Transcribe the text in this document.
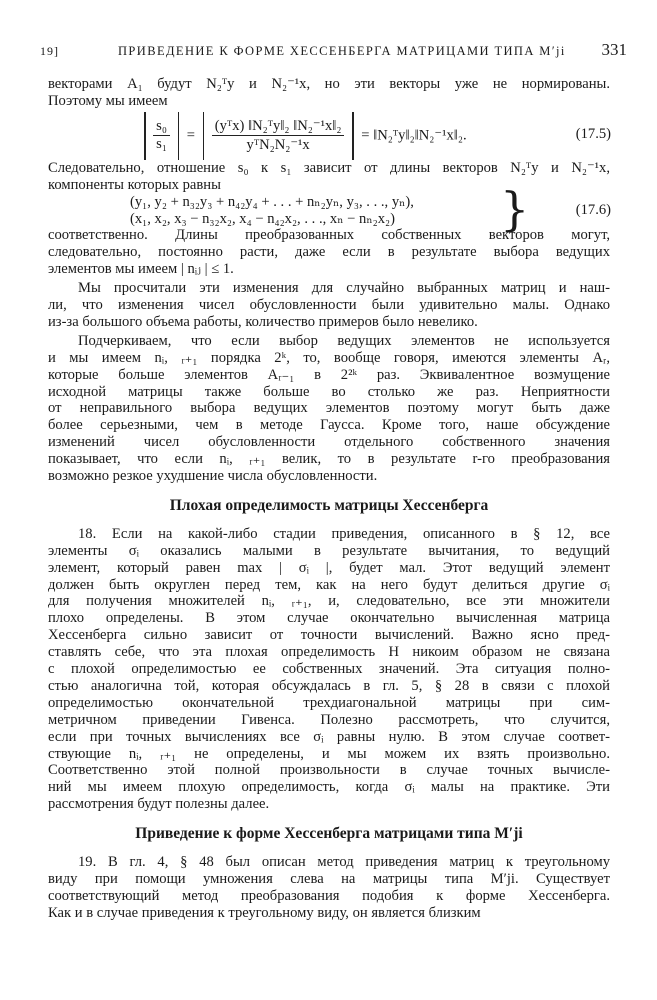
19]	ПРИВЕДЕНИЕ К ФОРМЕ ХЕССЕНБЕРГА МАТРИЦАМИ ТИПА M′ji 331
векторами A₁ будут N₂ᵀy и N₂⁻¹x, но эти векторы уже не нормированы.
Поэтому мы имеем

$\frac{\text{s₀}}{\text{s₁}} = \frac{\text{(yᵀx) ‖N₂ᵀy‖₂ ‖N₂⁻¹x‖₂}}{\text{yᵀN₂N₂⁻¹x}}$ = ‖N₂ᵀy‖₂‖N₂⁻¹x‖₂.	(17.5)
Следовательно, отношение s₀ к s₁ зависит от длины векторов N₂ᵀy и N₂⁻¹x,
компоненты которых равны
(y₁, y₂ + n₃₂y₃ + n₄₂y₄ + . . . + nₙ₂yₙ, y₃, . . ., yₙ),
(x₁, x₂, x₃ − n₃₂x₂, x₄ − n₄₂x₂, . . ., xₙ − nₙ₂x₂) }	(17.6)
соответственно. Длины преобразованных собственных векторов могут,
следовательно, постоянно расти, даже если в результате выбора ведущих
элементов мы имеем | nᵢⱼ | ≤ 1.
Мы просчитали эти изменения для случайно выбранных матриц и наш-
ли, что изменения чисел обусловленности были удивительно малы. Однако
из-за большого объема работы, количество примеров было невелико.
Подчеркиваем, что если выбор ведущих элементов не используется
и мы имеем nᵢ, ᵣ₊₁ порядка 2ᵏ, то, вообще говоря, имеются элементы Aᵣ,
которые больше элементов Aᵣ₋₁ в 2²ᵏ раз. Эквивалентное возмущение
исходной матрицы также больше во столько же раз. Неприятности
от неправильного выбора ведущих элементов поэтому могут быть даже
более серьезными, чем в методе Гаусса. Кроме того, наше обсуждение
изменений чисел обусловленности отдельного собственного значения
показывает, что если nᵢ, ᵣ₊₁ велик, то в результате r-го преобразования
возможно резкое ухудшение числа обусловленности.
Плохая определимость матрицы Хессенберга
18. Если на какой-либо стадии приведения, описанного в § 12, все
элементы σᵢ оказались малыми в результате вычитания, то ведущий
элемент, который равен max | σᵢ |, будет мал. Этот ведущий элемент
должен быть округлен перед тем, как на него будут делиться другие σᵢ
для получения множителей nᵢ, ᵣ₊₁, и, следовательно, все эти множители
плохо определены. В этом случае окончательно вычисленная матрица
Хессенберга сильно зависит от точности вычислений. Важно ясно пред-
ставлять себе, что эта плохая определимость H никоим образом не связана
с плохой определимостью ее собственных значений. Эта ситуация полно-
стью аналогична той, которая обсуждалась в гл. 5, § 28 в связи с плохой
определимостью окончательной трехдиагональной матрицы при сим-
метричном приведении Гивенса. Полезно рассмотреть, что случится,
если при точных вычислениях все σᵢ равны нулю. В этом случае соответ-
ствующие nᵢ, ᵣ₊₁ не определены, и мы можем их взять произвольно.
Соответственно этой полной произвольности в случае точных вычисле-
ний мы имеем плохую определимость, когда σᵢ малы на практике. Эти
рассмотрения будут полезны далее.
Приведение к форме Хессенберга матрицами типа M′ji
19. В гл. 4, § 48 был описан метод приведения матриц к треугольному
виду при помощи умножения слева на матрицы типа M′ji. Существует
соответствующий метод преобразования подобия к форме Хессенберга.
Как и в случае приведения к треугольному виду, он является близким
